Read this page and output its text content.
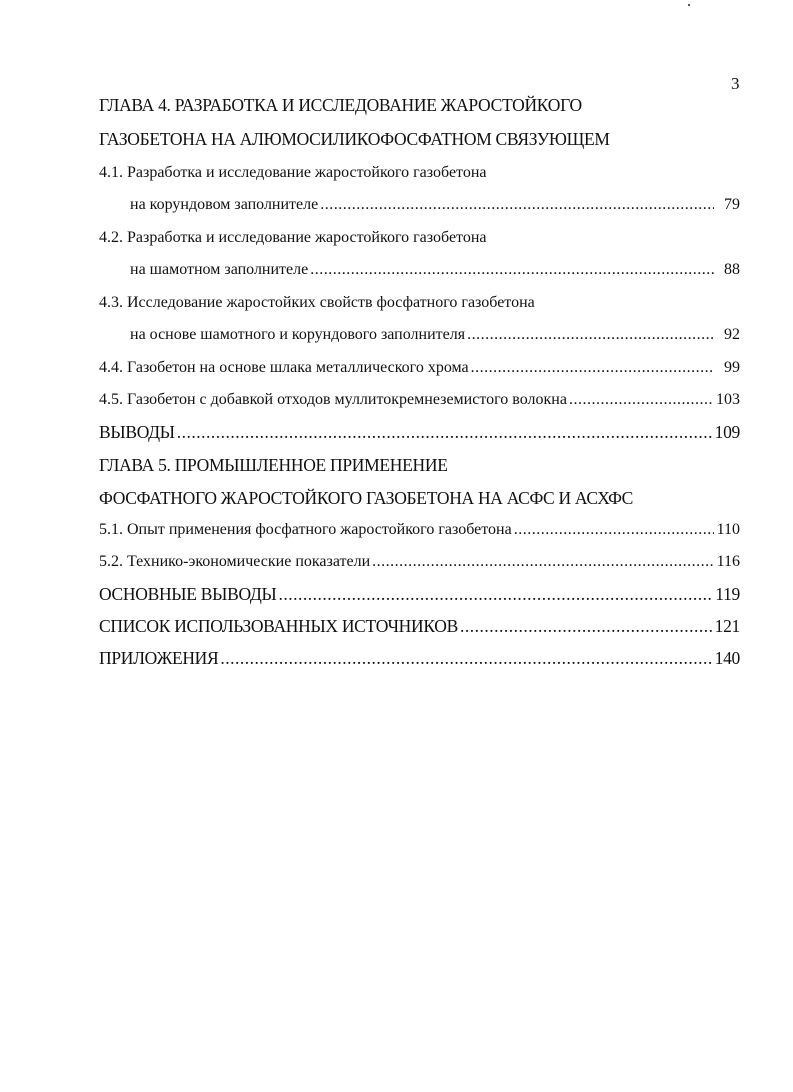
3
ГЛАВА 4. РАЗРАБОТКА И ИССЛЕДОВАНИЕ ЖАРОСТОЙКОГО
ГАЗОБЕТОНА НА АЛЮМОСИЛИКОФОСФАТНОМ СВЯЗУЮЩЕМ
4.1. Разработка и исследование жаростойкого газобетона
на корундовом заполнителе .....	79
4.2. Разработка и исследование жаростойкого газобетона
на шамотном заполнителе .....	88
4.3. Исследование жаростойких свойств фосфатного газобетона
на основе шамотного и корундового заполнителя .....	92
4.4. Газобетон на основе шлака металлического хрома .....	99
4.5. Газобетон с добавкой отходов муллитокремнеземистого волокна .....	103
ВЫВОДЫ .....	109
ГЛАВА 5. ПРОМЫШЛЕННОЕ ПРИМЕНЕНИЕ
ФОСФАТНОГО ЖАРОСТОЙКОГО ГАЗОБЕТОНА НА АСФС И АСХФС
5.1. Опыт применения фосфатного жаростойкого газобетона .....	110
5.2. Технико-экономические показатели .....	116
ОСНОВНЫЕ ВЫВОДЫ .....	119
СПИСОК ИСПОЛЬЗОВАННЫХ ИСТОЧНИКОВ .....	121
ПРИЛОЖЕНИЯ .....	140
